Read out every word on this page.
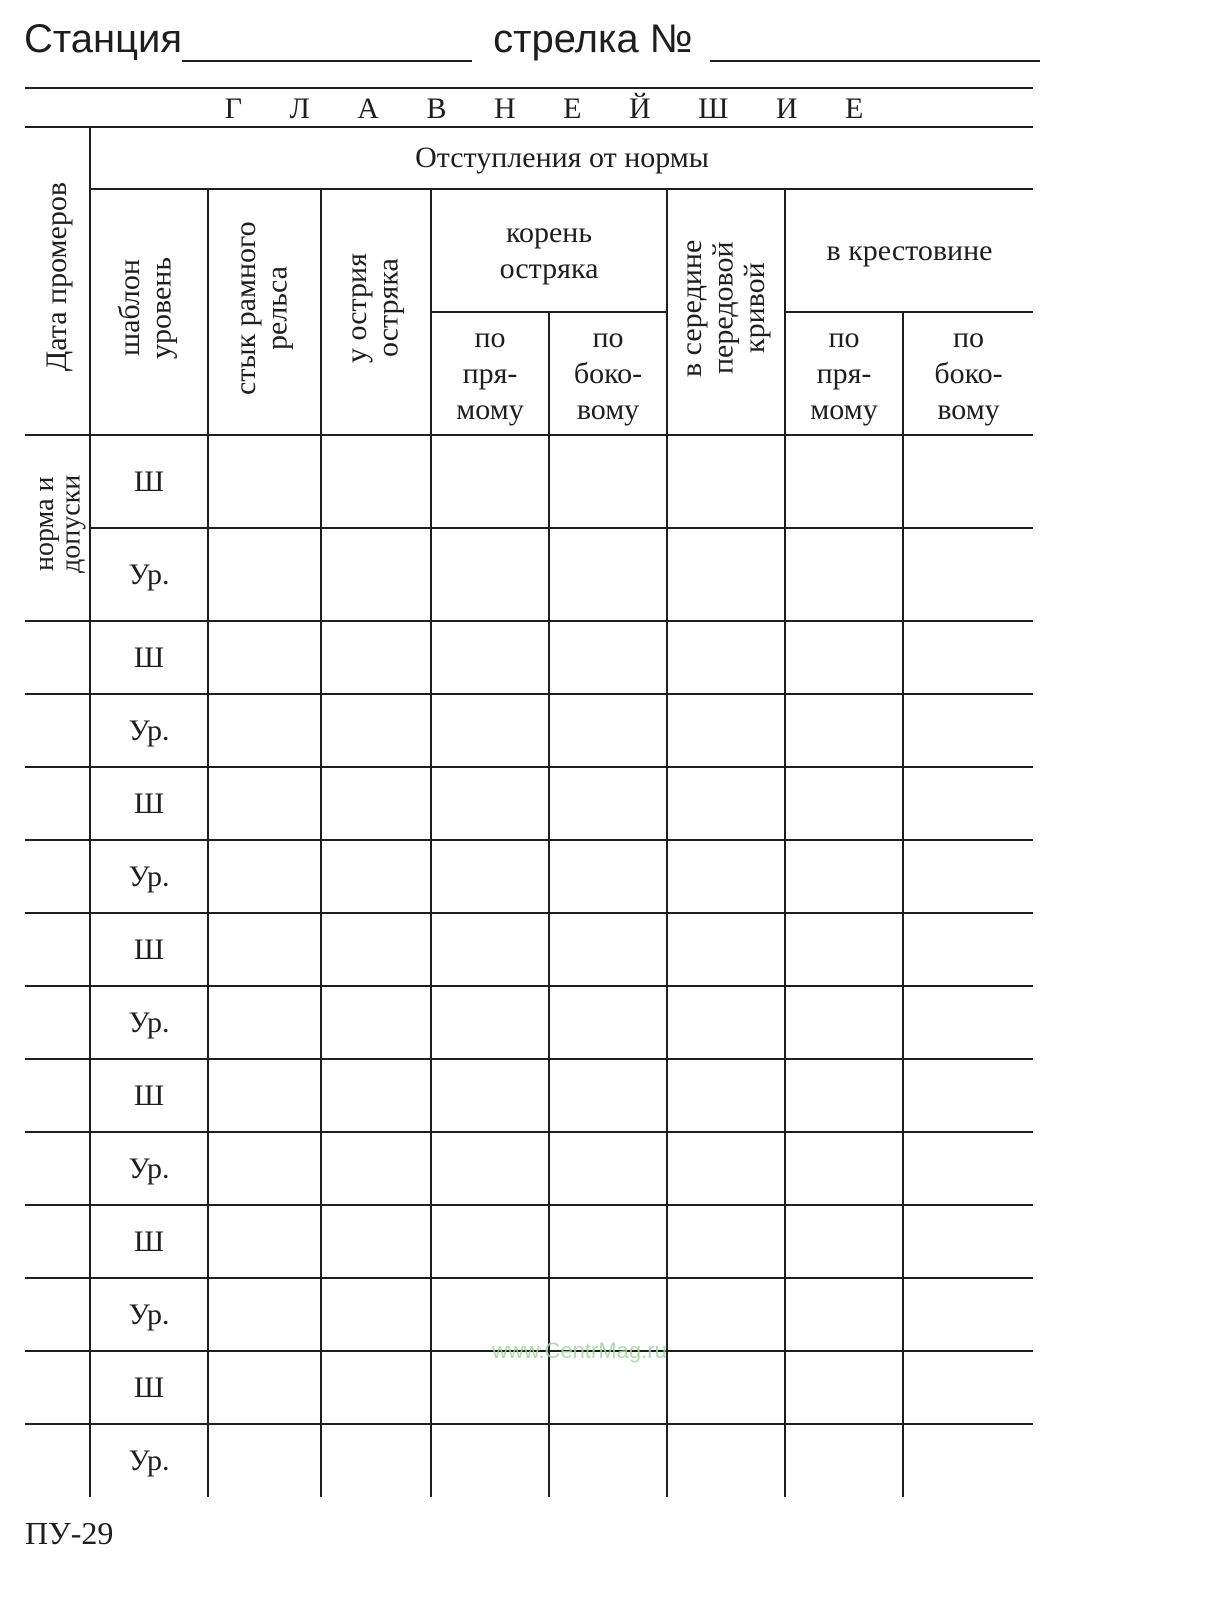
Станция	стрелка №
Г Л А В Н Е Й Ш И Е
Дата промеров	Отступления от нормы							
	шаблон уровень	стык рамного рельса	у острия остряка	корень остряка		в середине передовой кривой	в крестовине	
				по пря-мому	по боко-вому		по пря-мому	по боко-вому
норма и допуски	Ш							
	Ур.							
	Ш							
	Ур.							
	Ш							
	Ур.							
	Ш							
	Ур.							
	Ш							
	Ур.							
	Ш							
	Ур.							
	Ш							
	Ур.							
www.CentrMag.ru
ПУ-29
